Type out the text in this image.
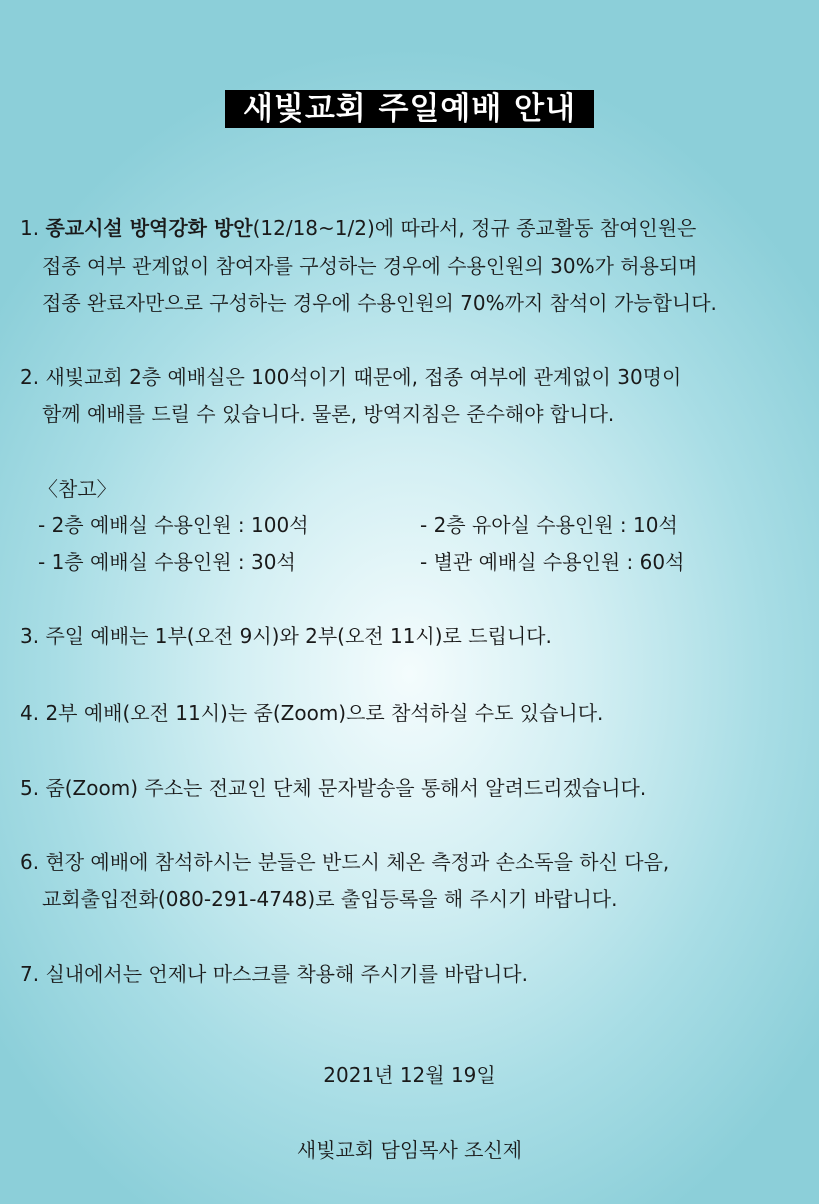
새빛교회 주일예배 안내
1. 종교시설 방역강화 방안(12/18~1/2)에 따라서, 정규 종교활동 참여인원은
접종 여부 관계없이 참여자를 구성하는 경우에 수용인원의 30%가 허용되며
접종 완료자만으로 구성하는 경우에 수용인원의 70%까지 참석이 가능합니다.
2. 새빛교회 2층 예배실은 100석이기 때문에, 접종 여부에 관계없이 30명이
함께 예배를 드릴 수 있습니다. 물론, 방역지침은 준수해야 합니다.
〈참고〉
- 2층 예배실 수용인원 : 100석	- 2층 유아실 수용인원 : 10석
- 1층 예배실 수용인원 : 30석	- 별관 예배실 수용인원 : 60석
3. 주일 예배는 1부(오전 9시)와 2부(오전 11시)로 드립니다.
4. 2부 예배(오전 11시)는 줌(Zoom)으로 참석하실 수도 있습니다.
5. 줌(Zoom) 주소는 전교인 단체 문자발송을 통해서 알려드리겠습니다.
6. 현장 예배에 참석하시는 분들은 반드시 체온 측정과 손소독을 하신 다음,
교회출입전화(080-291-4748)로 출입등록을 해 주시기 바랍니다.
7. 실내에서는 언제나 마스크를 착용해 주시기를 바랍니다.
2021년 12월 19일
새빛교회 담임목사 조신제
